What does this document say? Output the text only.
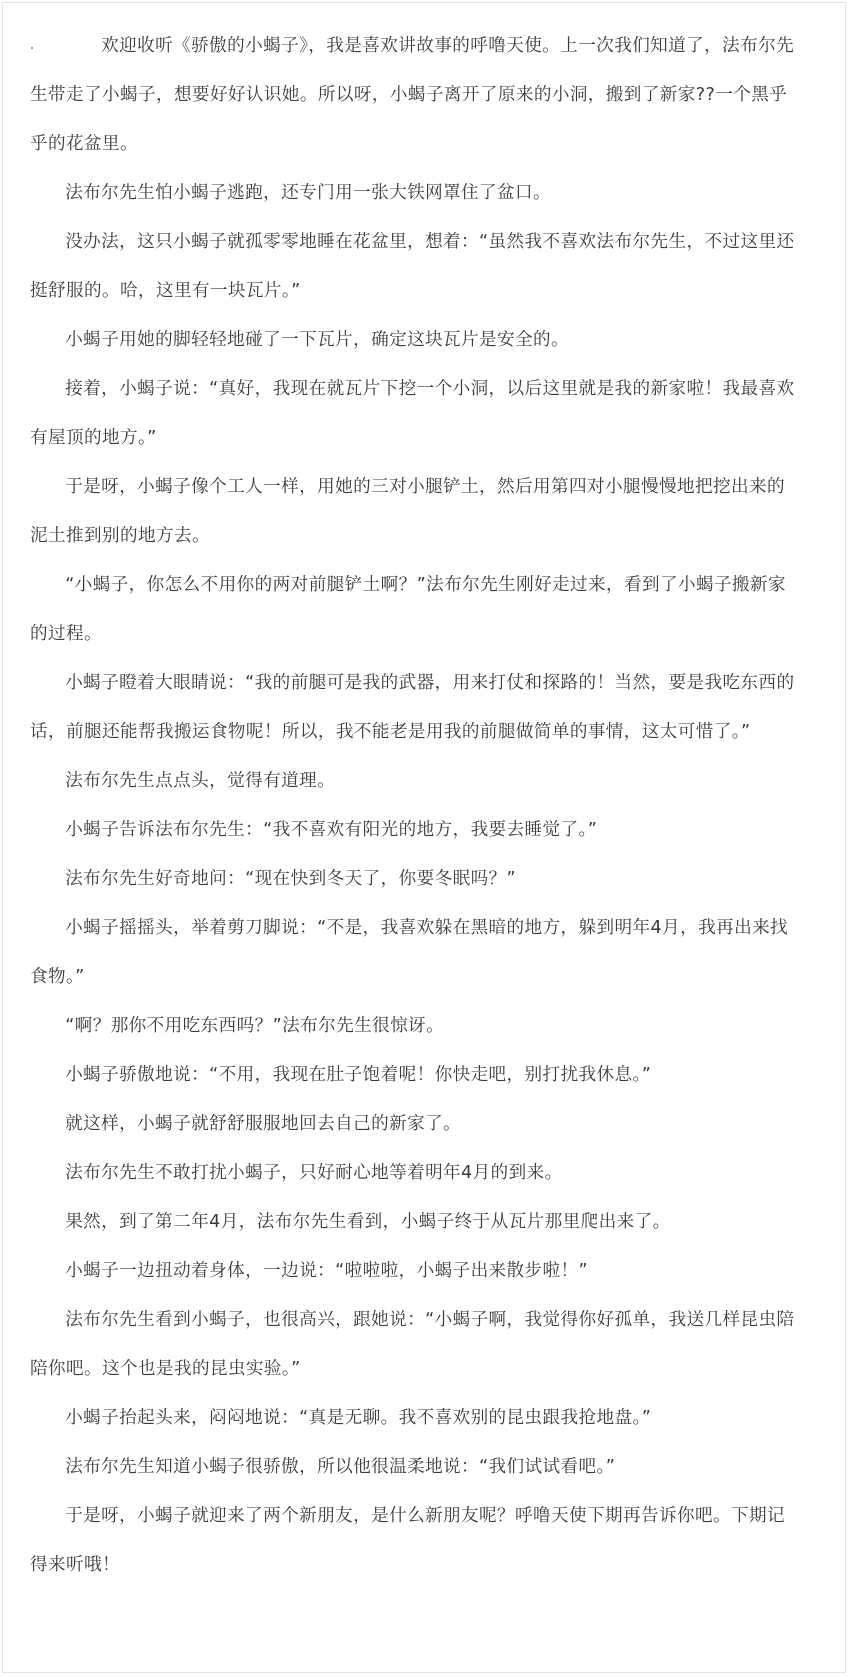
　　欢迎收听《骄傲的小蝎子》，我是喜欢讲故事的呼噜天使。上一次我们知道了，法布尔先生带走了小蝎子，想要好好认识她。所以呀，小蝎子离开了原来的小洞，搬到了新家??一个黑乎乎的花盆里。

法布尔先生怕小蝎子逃跑，还专门用一张大铁网罩住了盆口。

没办法，这只小蝎子就孤零零地睡在花盆里，想着：“虽然我不喜欢法布尔先生，不过这里还挺舒服的。哈，这里有一块瓦片。”

小蝎子用她的脚轻轻地碰了一下瓦片，确定这块瓦片是安全的。

接着，小蝎子说：“真好，我现在就瓦片下挖一个小洞，以后这里就是我的新家啦！我最喜欢有屋顶的地方。”

于是呀，小蝎子像个工人一样，用她的三对小腿铲土，然后用第四对小腿慢慢地把挖出来的泥土推到别的地方去。

“小蝎子，你怎么不用你的两对前腿铲土啊？”法布尔先生刚好走过来，看到了小蝎子搬新家的过程。

小蝎子瞪着大眼睛说：“我的前腿可是我的武器，用来打仗和探路的！当然，要是我吃东西的话，前腿还能帮我搬运食物呢！所以，我不能老是用我的前腿做简单的事情，这太可惜了。”

法布尔先生点点头，觉得有道理。

小蝎子告诉法布尔先生：“我不喜欢有阳光的地方，我要去睡觉了。”

法布尔先生好奇地问：“现在快到冬天了，你要冬眠吗？”

小蝎子摇摇头，举着剪刀脚说：“不是，我喜欢躲在黑暗的地方，躲到明年4月，我再出来找食物。”

“啊？那你不用吃东西吗？”法布尔先生很惊讶。

小蝎子骄傲地说：“不用，我现在肚子饱着呢！你快走吧，别打扰我休息。”

就这样，小蝎子就舒舒服服地回去自己的新家了。

法布尔先生不敢打扰小蝎子，只好耐心地等着明年4月的到来。

果然，到了第二年4月，法布尔先生看到，小蝎子终于从瓦片那里爬出来了。

小蝎子一边扭动着身体，一边说：“啦啦啦，小蝎子出来散步啦！”

法布尔先生看到小蝎子，也很高兴，跟她说：“小蝎子啊，我觉得你好孤单，我送几样昆虫陪陪你吧。这个也是我的昆虫实验。”

小蝎子抬起头来，闷闷地说：“真是无聊。我不喜欢别的昆虫跟我抢地盘。”

法布尔先生知道小蝎子很骄傲，所以他很温柔地说：“我们试试看吧。”

于是呀，小蝎子就迎来了两个新朋友，是什么新朋友呢？呼噜天使下期再告诉你吧。下期记得来听哦！
